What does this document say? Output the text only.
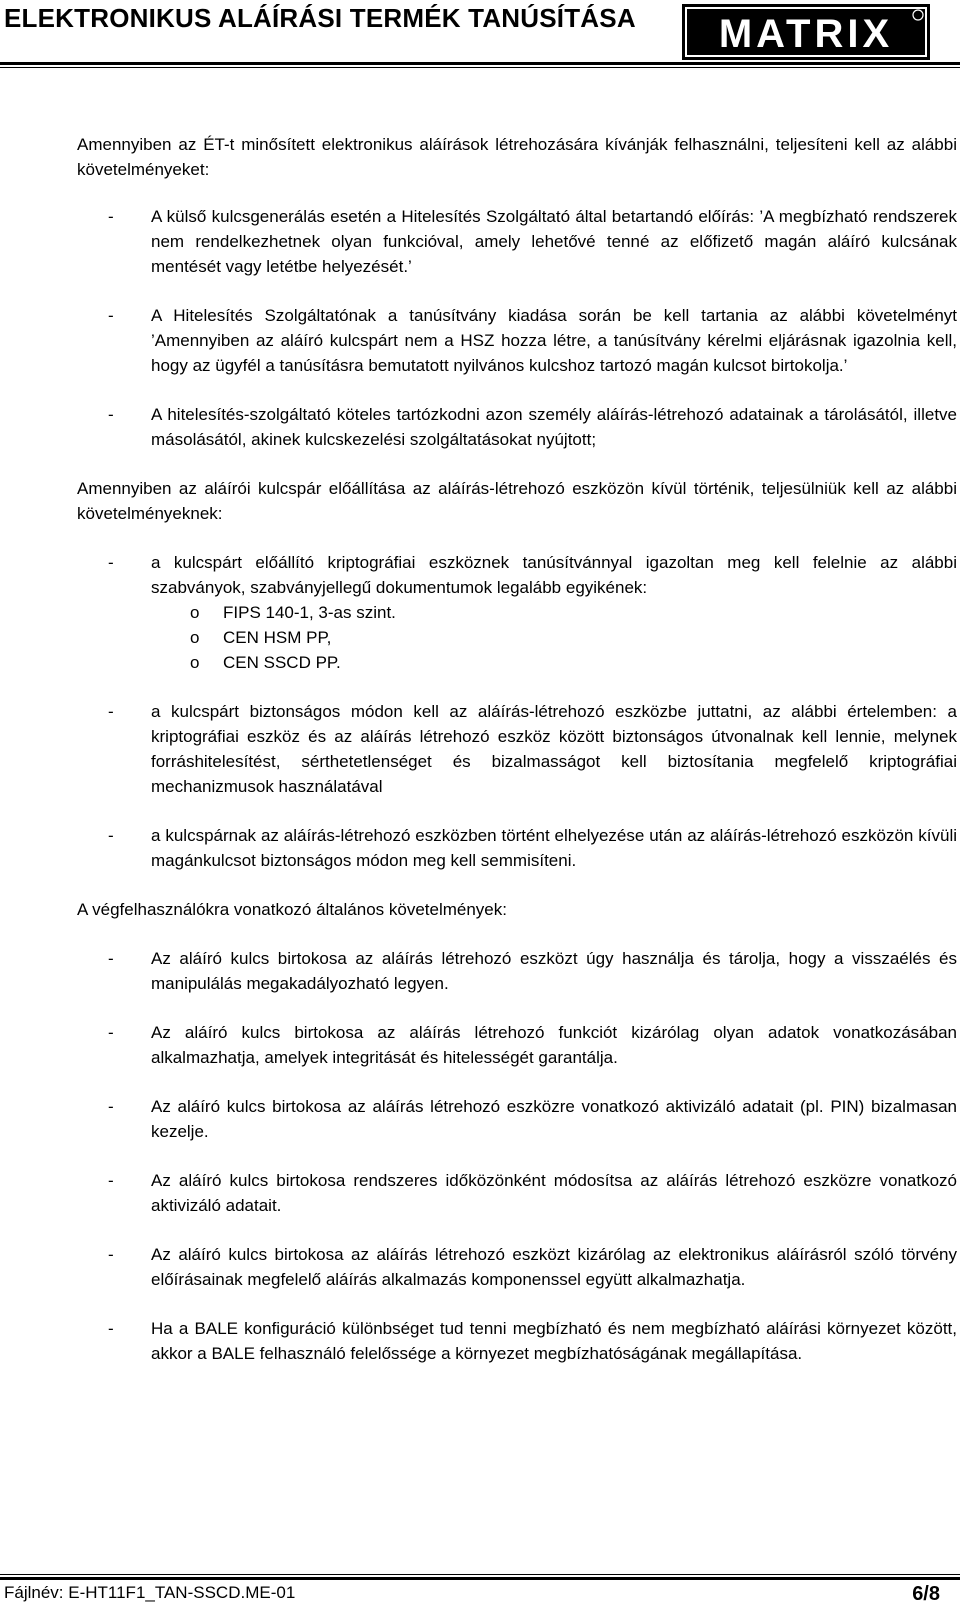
ELEKTRONIKUS ALÁÍRÁSI TERMÉK TANÚSÍTÁSA MATRIX

Amennyiben az ÉT-t minősített elektronikus aláírások létrehozására kívánják felhasználni, teljesíteni kell az alábbi követelményeket:

- A külső kulcsgenerálás esetén a Hitelesítés Szolgáltató által betartandó előírás: ’A megbízható rendszerek nem rendelkezhetnek olyan funkcióval, amely lehetővé tenné az előfizető magán aláíró kulcsának mentését vagy letétbe helyezését.’

- A Hitelesítés Szolgáltatónak a tanúsítvány kiadása során be kell tartania az alábbi követelményt ’Amennyiben az aláíró kulcspárt nem a HSZ hozza létre, a tanúsítvány kérelmi eljárásnak igazolnia kell, hogy az ügyfél a tanúsításra bemutatott nyilvános kulcshoz tartozó magán kulcsot birtokolja.’

- A hitelesítés-szolgáltató köteles tartózkodni azon személy aláírás-létrehozó adatainak a tárolásától, illetve másolásától, akinek kulcskezelési szolgáltatásokat nyújtott;

Amennyiben az aláírói kulcspár előállítása az aláírás-létrehozó eszközön kívül történik, teljesülniük kell az alábbi követelményeknek:

- a kulcspárt előállító kriptográfiai eszköznek tanúsítvánnyal igazoltan meg kell felelnie az alábbi szabványok, szabványjellegű dokumentumok legalább egyikének:

o FIPS 140-1, 3-as szint.

o CEN HSM PP,

o CEN SSCD PP.

- a kulcspárt biztonságos módon kell az aláírás-létrehozó eszközbe juttatni, az alábbi értelemben: a kriptográfiai eszköz és az aláírás létrehozó eszköz között biztonságos útvonalnak kell lennie, melynek forráshitelesítést, sérthetetlenséget és bizalmasságot kell biztosítania megfelelő kriptográfiai mechanizmusok használatával

- a kulcspárnak az aláírás-létrehozó eszközben történt elhelyezése után az aláírás-létrehozó eszközön kívüli magánkulcsot biztonságos módon meg kell semmisíteni.

A végfelhasználókra vonatkozó általános követelmények:

- Az aláíró kulcs birtokosa az aláírás létrehozó eszközt úgy használja és tárolja, hogy a visszaélés és manipulálás megakadályozható legyen.

- Az aláíró kulcs birtokosa az aláírás létrehozó funkciót kizárólag olyan adatok vonatkozásában alkalmazhatja, amelyek integritását és hitelességét garantálja.

- Az aláíró kulcs birtokosa az aláírás létrehozó eszközre vonatkozó aktivizáló adatait (pl. PIN) bizalmasan kezelje.

- Az aláíró kulcs birtokosa rendszeres időközönként módosítsa az aláírás létrehozó eszközre vonatkozó aktivizáló adatait.

- Az aláíró kulcs birtokosa az aláírás létrehozó eszközt kizárólag az elektronikus aláírásról szóló törvény előírásainak megfelelő aláírás alkalmazás komponenssel együtt alkalmazhatja.

- Ha a BALE konfiguráció különbséget tud tenni megbízható és nem megbízható aláírási környezet között, akkor a BALE felhasználó felelőssége a környezet megbízhatóságának megállapítása.

Fájlnév: E-HT11F1_TAN-SSCD.ME-01	6/8
